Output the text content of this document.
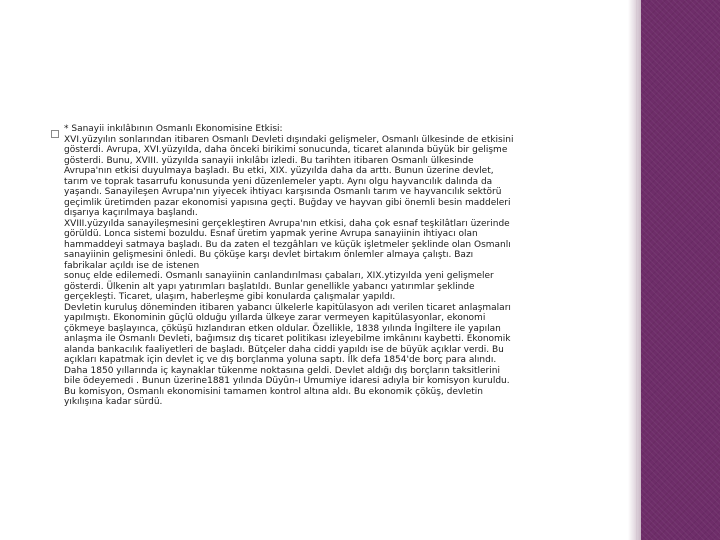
* Sanayii inkılâbının Osmanlı Ekonomisine Etkisi:
XVI.yüzyılın sonlarından itibaren Osmanlı Devleti dışındaki gelişmeler, Osmanlı ülkesinde de etkisini
gösterdi. Avrupa, XVI.yüzyılda, daha önceki birikimi sonucunda, ticaret alanında büyük bir gelişme
gösterdi. Bunu, XVIII. yüzyılda sanayii inkılâbı izledi. Bu tarihten itibaren Osmanlı ülkesinde
Avrupa'nın etkisi duyulmaya başladı. Bu etki, XIX. yüzyılda daha da arttı. Bunun üzerine devlet,
tarım ve toprak tasarrufu konusunda yeni düzenlemeler yaptı. Aynı olgu hayvancılık dalında da
yaşandı. Sanayileşen Avrupa'nın yiyecek ihtiyacı karşısında Osmanlı tarım ve hayvancılık sektörü
geçimlik üretimden pazar ekonomisi yapısına geçti. Buğday ve hayvan gibi önemli besin maddeleri
dışarıya kaçırılmaya başlandı.
XVIII.yüzyılda sanayileşmesini gerçekleştiren Avrupa'nın etkisi, daha çok esnaf teşkilâtları üzerinde
görüldü. Lonca sistemi bozuldu. Esnaf üretim yapmak yerine Avrupa sanayiinin ihtiyacı olan
hammaddeyi satmaya başladı. Bu da zaten el tezgâhları ve küçük işletmeler şeklinde olan Osmanlı
sanayiinin gelişmesini önledi. Bu çöküşe karşı devlet birtakım önlemler almaya çalıştı. Bazı
fabrikalar açıldı ise de istenen
sonuç elde edilemedi. Osmanlı sanayiinin canlandırılması çabaları, XIX.ytizyılda yeni gelişmeler
gösterdi. Ülkenin alt yapı yatırımları başlatıldı. Bunlar genellikle yabancı yatırımlar şeklinde
gerçekleşti. Ticaret, ulaşım, haberleşme gibi konularda çalışmalar yapıldı.
Devletin kuruluş döneminden itibaren yabancı ülkelerle kapitülasyon adı verilen ticaret anlaşmaları
yapılmıştı. Ekonominin güçlü olduğu yıllarda ülkeye zarar vermeyen kapitülasyonlar, ekonomi
çökmeye başlayınca, çöküşü hızlandıran etken oldular. Özellikle, 1838 yılında İngiltere ile yapılan
anlaşma ile Osmanlı Devleti, bağımsız dış ticaret politikası izleyebilme imkânını kaybetti. Ekonomik
alanda bankacılık faaliyetleri de başladı. Bütçeler daha ciddi yapıldı ise de büyük açıklar verdi. Bu
açıkları kapatmak için devlet iç ve dış borçlanma yoluna saptı. İlk defa 1854'de borç para alındı.
Daha 1850 yıllarında iç kaynaklar tükenme noktasına geldi. Devlet aldığı dış borçların taksitlerini
bile ödeyemedi . Bunun üzerine1881 yılında Düyûn-ı Umumiye idaresi adıyla bir komisyon kuruldu.
Bu komisyon, Osmanlı ekonomisini tamamen kontrol altına aldı. Bu ekonomik çöküş, devletin
yıkılışına kadar sürdü.
